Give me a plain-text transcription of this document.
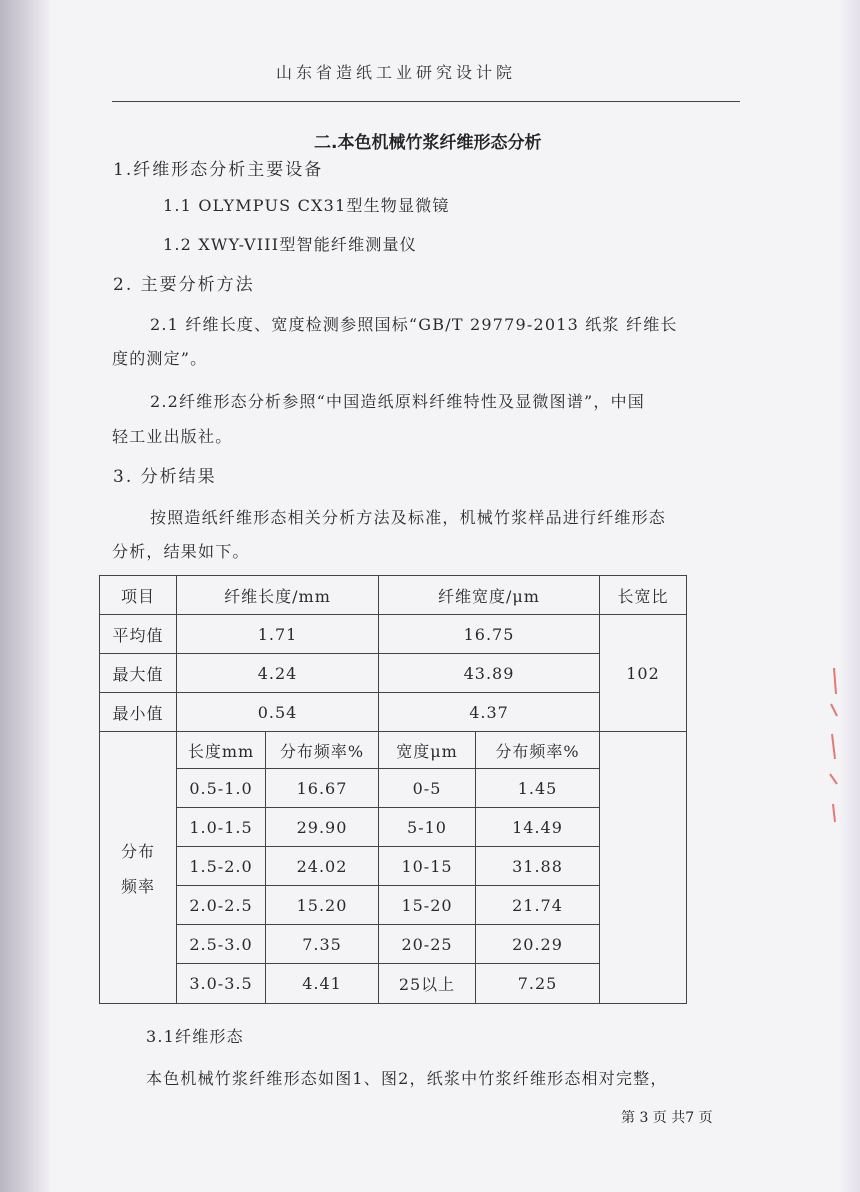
山东省造纸工业研究设计院
二.本色机械竹浆纤维形态分析
1.纤维形态分析主要设备
1.1 OLYMPUS CX31型生物显微镜
1.2 XWY-VIII型智能纤维测量仪
2. 主要分析方法
2.1 纤维长度、宽度检测参照国标“GB/T 29779-2013 纸浆 纤维长
度的测定”。
2.2纤维形态分析参照“中国造纸原料纤维特性及显微图谱”，中国
轻工业出版社。
3. 分析结果
按照造纸纤维形态相关分析方法及标准，机械竹浆样品进行纤维形态
分析，结果如下。
项目	纤维长度/mm		纤维宽度/μm		长宽比
平均值	1.71		16.75		102
最大值	4.24		43.89		
最小值	0.54		4.37		

分布
频率	长度mm	分布频率%	宽度μm	分布频率%	
	0.5-1.0	16.67	0-5	1.45	
	1.0-1.5	29.90	5-10	14.49	
	1.5-2.0	24.02	10-15	31.88	
	2.0-2.5	15.20	15-20	21.74	
	2.5-3.0	7.35	20-25	20.29	
	3.0-3.5	4.41	25以上	7.25	
3.1纤维形态
本色机械竹浆纤维形态如图1、图2，纸浆中竹浆纤维形态相对完整，
第 3 页 共7 页
